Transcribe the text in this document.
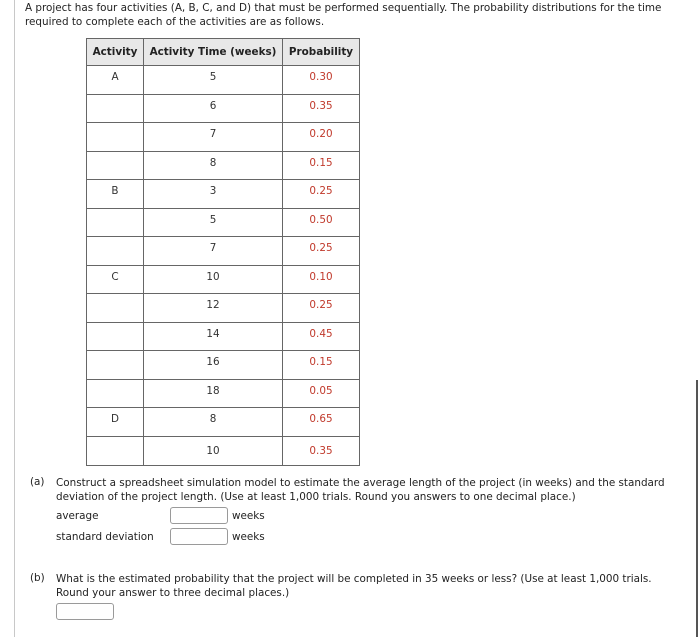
A project has four activities (A, B, C, and D) that must be performed sequentially. The probability distributions for the time required to complete each of the activities are as follows.
Activity	Activity Time (weeks)	Probability
A	5	0.30
	6	0.35
	7	0.20
	8	0.15
B	3	0.25
	5	0.50
	7	0.25
C	10	0.10
	12	0.25
	14	0.45
	16	0.15
	18	0.05
D	8	0.65
	10	0.35
(a) Construct a spreadsheet simulation model to estimate the average length of the project (in weeks) and the standard deviation of the project length. (Use at least 1,000 trials. Round you answers to one decimal place.)
average	weeks
standard deviation	weeks
(b) What is the estimated probability that the project will be completed in 35 weeks or less? (Use at least 1,000 trials. Round your answer to three decimal places.)
